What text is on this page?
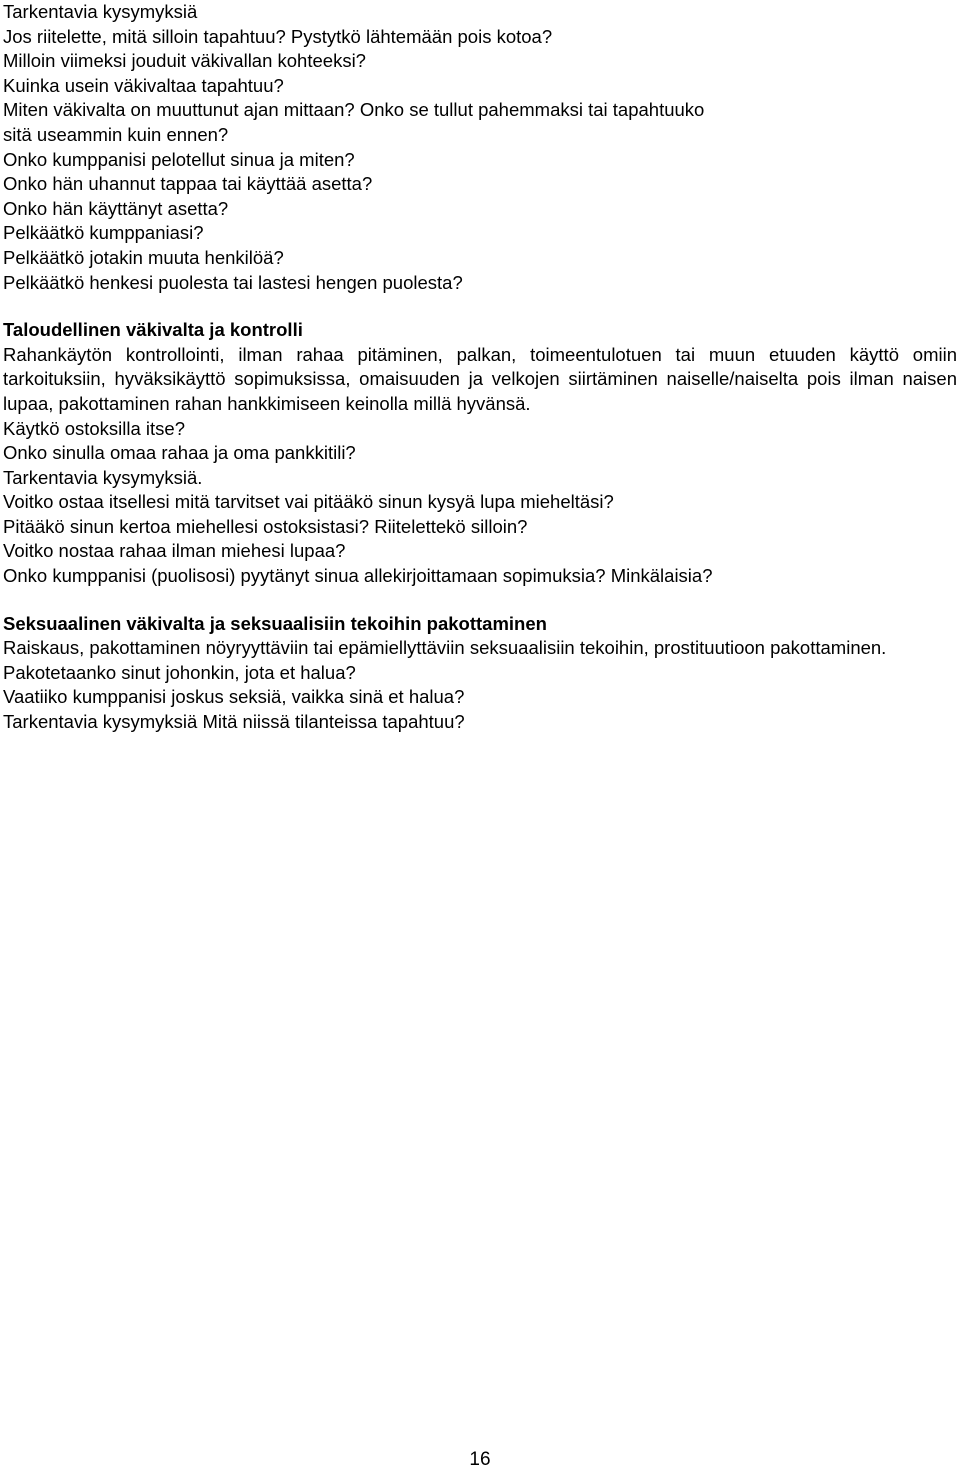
Tarkentavia kysymyksiä
Jos riitelette, mitä silloin tapahtuu? Pystytkö lähtemään pois kotoa?
Milloin viimeksi jouduit väkivallan kohteeksi?
Kuinka usein väkivaltaa tapahtuu?
Miten väkivalta on muuttunut ajan mittaan? Onko se tullut pahemmaksi tai tapahtuuko
sitä useammin kuin ennen?
Onko kumppanisi pelotellut sinua ja miten?
Onko hän uhannut tappaa tai käyttää asetta?
Onko hän käyttänyt asetta?
Pelkäätkö kumppaniasi?
Pelkäätkö jotakin muuta henkilöä?
Pelkäätkö henkesi puolesta tai lastesi hengen puolesta?
Taloudellinen väkivalta ja kontrolli
Rahankäytön kontrollointi, ilman rahaa pitäminen, palkan, toimeentulotuen tai muun etuuden käyttö omiin tarkoituksiin, hyväksikäyttö sopimuksissa, omaisuuden ja velkojen siirtäminen naiselle/naiselta pois ilman naisen lupaa, pakottaminen rahan hankkimiseen keinolla millä hyvänsä.
Käytkö ostoksilla itse?
Onko sinulla omaa rahaa ja oma pankkitili?
Tarkentavia kysymyksiä.
Voitko ostaa itsellesi mitä tarvitset vai pitääkö sinun kysyä lupa mieheltäsi?
Pitääkö sinun kertoa miehellesi ostoksistasi? Riitelettekö silloin?
Voitko nostaa rahaa ilman miehesi lupaa?
Onko kumppanisi (puolisosi) pyytänyt sinua allekirjoittamaan sopimuksia? Minkälaisia?
Seksuaalinen väkivalta ja seksuaalisiin tekoihin pakottaminen
Raiskaus, pakottaminen nöyryyttäviin tai epämiellyttäviin seksuaalisiin tekoihin, prostituutioon pakottaminen.
Pakotetaanko sinut johonkin, jota et halua?
Vaatiiko kumppanisi joskus seksiä, vaikka sinä et halua?
Tarkentavia kysymyksiä Mitä niissä tilanteissa tapahtuu?
16
